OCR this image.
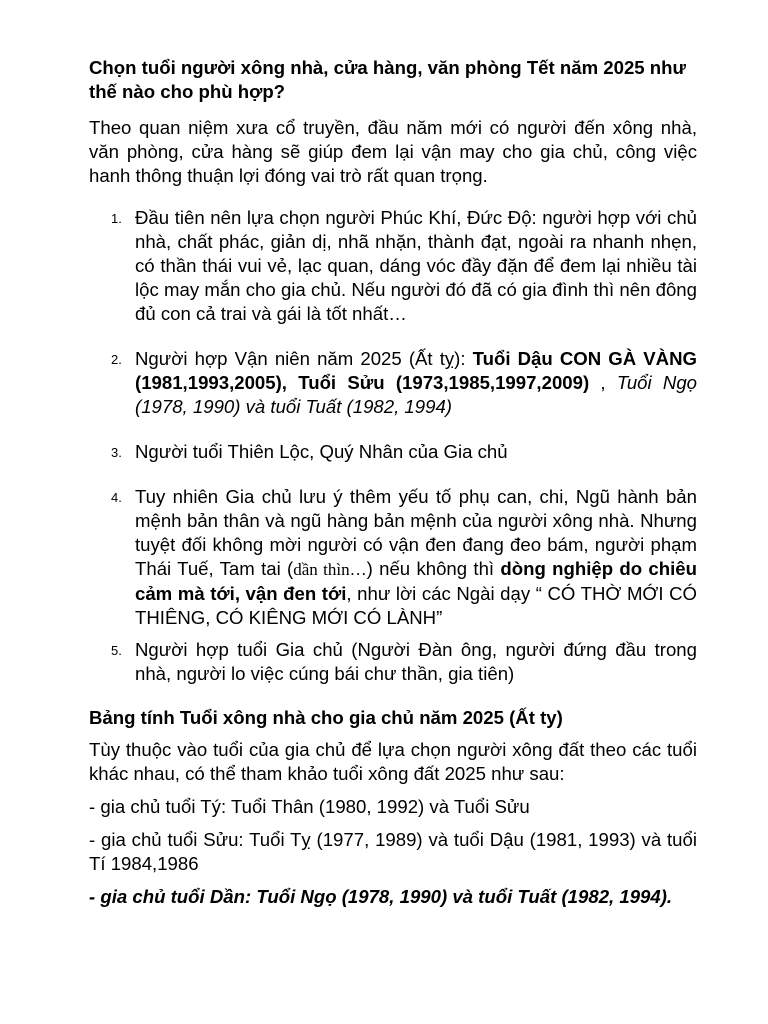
Chọn tuổi người xông nhà, cửa hàng, văn phòng Tết năm 2025 như thế nào cho phù hợp?

Theo quan niệm xưa cổ truyền, đầu năm mới có người đến xông nhà, văn phòng, cửa hàng sẽ giúp đem lại vận may cho gia chủ, công việc hanh thông thuận lợi đóng vai trò rất quan trọng.

1. Đầu tiên nên lựa chọn người Phúc Khí, Đức Độ: người hợp với chủ nhà, chất phác, giản dị, nhã nhặn, thành đạt, ngoài ra nhanh nhẹn, có thần thái vui vẻ, lạc quan, dáng vóc đầy đặn để đem lại nhiều tài lộc may mắn cho gia chủ. Nếu người đó đã có gia đình thì nên đông đủ con cả trai và gái là tốt nhất…
2. Người hợp Vận niên năm 2025 (Ất tỵ): Tuổi Dậu CON GÀ VÀNG (1981,1993,2005), Tuổi Sửu (1973,1985,1997,2009) , Tuổi Ngọ (1978, 1990) và tuổi Tuất (1982, 1994)
3. Người tuổi Thiên Lộc, Quý Nhân của Gia chủ
4. Tuy nhiên Gia chủ lưu ý thêm yếu tố phụ can, chi, Ngũ hành bản mệnh bản thân và ngũ hàng bản mệnh của người xông nhà. Nhưng tuyệt đối không mời người có vận đen đang đeo bám, người phạm Thái Tuế, Tam tai (dần thìn…) nếu không thì dòng nghiệp do chiêu cảm mà tới, vận đen tới, như lời các Ngài dạy “ CÓ THỜ MỚI CÓ THIÊNG, CÓ KIÊNG MỚI CÓ LÀNH”
5. Người hợp tuổi Gia chủ (Người Đàn ông, người đứng đầu trong nhà, người lo việc cúng bái chư thần, gia tiên)
Bảng tính Tuổi xông nhà cho gia chủ năm 2025 (Ất ty)

Tùy thuộc vào tuổi của gia chủ để lựa chọn người xông đất theo các tuổi khác nhau, có thể tham khảo tuổi xông đất 2025 như sau:

- gia chủ tuổi Tý: Tuổi Thân (1980, 1992) và Tuổi Sửu

- gia chủ tuổi Sửu: Tuổi Tỵ (1977, 1989) và tuổi Dậu (1981, 1993) và tuổi Tí 1984,1986

- gia chủ tuổi Dần: Tuổi Ngọ (1978, 1990) và tuổi Tuất (1982, 1994).
